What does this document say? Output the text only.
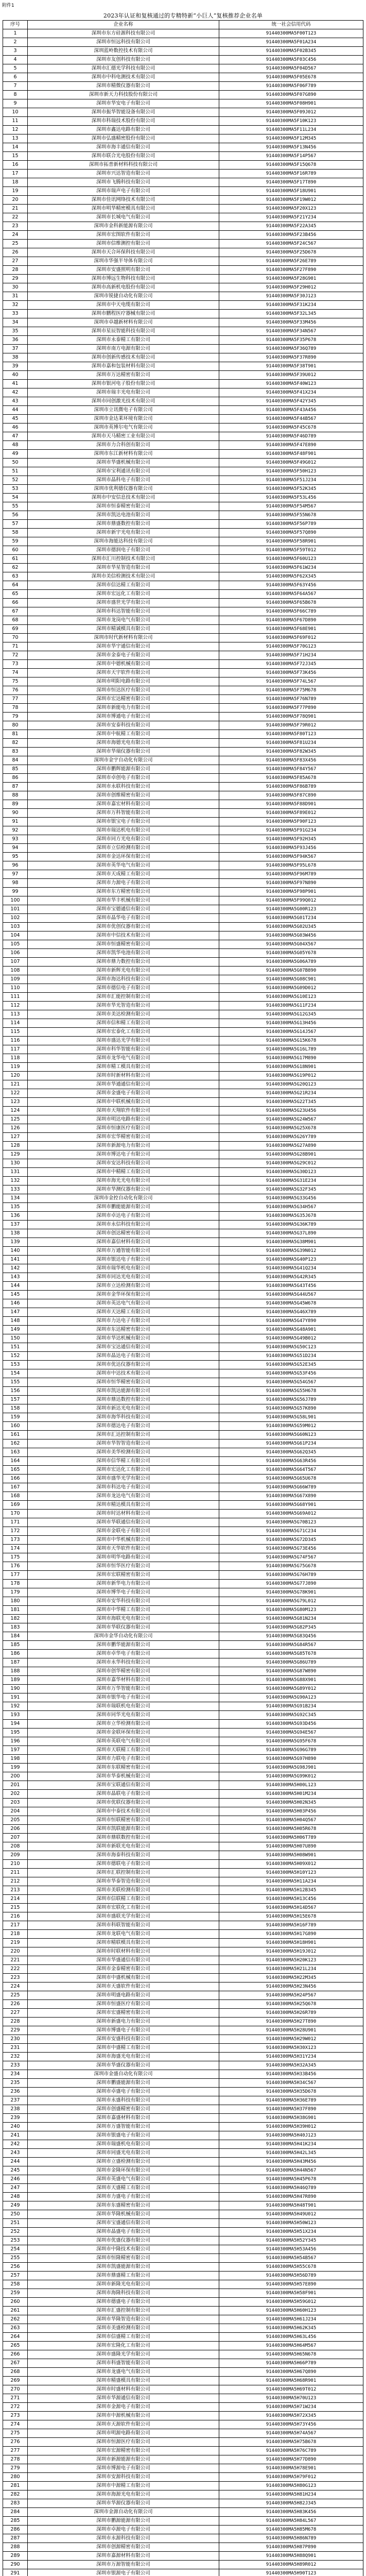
附件1
2023年认证和复核通过的专精特新“小巨人”复核推荐企业名单
序号	企业名称	统一社会信用代码
1	深圳市东方硅源科技有限公司	91440300MA5F00T123
2	深圳市恒远科技有限公司	91440300MA5F01A234
3	深圳蓝岭数控技术有限公司	91440300MA5F02B345
4	深圳市友创科技有限公司	91440300MA5F03C456
5	深圳市汇德光学科技有限公司	91440300MA5F04D567
6	深圳市中科电测技术有限公司	91440300MA5F05E678
7	深圳市精微仪器有限公司	91440300MA5F06F789
8	深圳市新天力科技股份有限公司	91440300MA5F07G890
9	深圳市华安电子有限公司	91440300MA5F08H901
10	深圳市振华智能设备有限公司	91440300MA5F09J012
11	深圳市科瑞技术股份有限公司	91440300MA5F10K123
12	深圳市鑫达电路有限公司	91440300MA5F11L234
13	深圳市弘盛精密股份有限公司	91440300MA5F12M345
14	深圳市海丰通信有限公司	91440300MA5F13N456
15	深圳市联合光电股份有限公司	91440300MA5F14P567
16	深圳市拓普新材料科技有限公司	91440300MA5F15Q678
17	深圳市兴达智造有限公司	91440300MA5F16R789
18	深圳市飞腾科技有限公司	91440300MA5F17T890
19	深圳市瑞声电子有限公司	91440300MA5F18U901
20	深圳市佳讯网络技术有限公司	91440300MA5F19W012
21	深圳市明华精密模具有限公司	91440300MA5F20X123
22	深圳市长城电气有限公司	91440300MA5F21Y234
23	深圳市金科新能源有限公司	91440300MA5F22A345
24	深圳市宏图软件有限公司	91440300MA5F23B456
25	深圳市信维测控有限公司	91440300MA5F24C567
26	深圳市天合环保科技有限公司	91440300MA5F25D678
27	深圳市华强半导体有限公司	91440300MA5F26E789
28	深圳市安盛照明有限公司	91440300MA5F27F890
29	深圳市博远生物科技有限公司	91440300MA5F28G901
30	深圳市高新机电股份有限公司	91440300MA5F29H012
31	深圳市锐捷自动化有限公司	91440300MA5F30J123
32	深圳市中天电缆有限公司	91440300MA5F31K234
33	深圳市鹏程医疗器械有限公司	91440300MA5F32L345
34	深圳市卓越新材料有限公司	91440300MA5F33M456
35	深圳市星辰智能科技有限公司	91440300MA5F34N567
36	深圳市永泰精工有限公司	91440300MA5F35P678
37	深圳市南方电源有限公司	91440300MA5F36Q789
38	深圳市创新传感技术有限公司	91440300MA5F37R890
39	深圳市嘉和包装材料有限公司	91440300MA5F38T901
40	深圳市万达精密有限公司	91440300MA5F39U012
41	深圳市银河电子股份有限公司	91440300MA5F40W123
42	深圳市瑞丰光电有限公司	91440300MA5F41X234
43	深圳市同创激光技术有限公司	91440300MA5F42Y345
44	深圳市立讯微电子有限公司	91440300MA5F43A456
45	深圳市金达莱环境有限公司	91440300MA5F44B567
46	深圳市英博尔电气有限公司	91440300MA5F45C678
47	深圳市天马精密工业有限公司	91440300MA5F46D789
48	深圳市力合科创有限公司	91440300MA5F47E890
49	深圳市东江新材料有限公司	91440300MA5F48F901
50	深圳市华盛机械有限公司	91440300MA5F49G012
51	深圳市宝利通讯有限公司	91440300MA5F50H123
52	深圳市晶科电子有限公司	91440300MA5F51J234
53	深圳市优利德仪器有限公司	91440300MA5F52K345
54	深圳市中安信息技术有限公司	91440300MA5F53L456
55	深圳市恒泰精密有限公司	91440300MA5F54M567
56	深圳市凯达电池有限公司	91440300MA5F55N678
57	深圳市鼎盛数控有限公司	91440300MA5F56P789
58	深圳市新宇光电有限公司	91440300MA5F57Q890
59	深圳市海能达科技有限公司	91440300MA5F58R901
60	深圳市德润电子有限公司	91440300MA5F59T012
61	深圳市汇川控制技术有限公司	91440300MA5F60U123
62	深圳市华星智造有限公司	91440300MA5F61W234
63	深圳市美信检测技术有限公司	91440300MA5F62X345
64	深圳市信达精工有限公司	91440300MA5F63Y456
65	深圳市宏远化工有限公司	91440300MA5F64A567
66	深圳市盛世光学有限公司	91440300MA5F65B678
67	深圳市科达智能有限公司	91440300MA5F66C789
68	深圳市龙岗电气有限公司	91440300MA5F67D890
69	深圳市精诚模具有限公司	91440300MA5F68E901
70	深圳市时代新材料有限公司	91440300MA5F69F012
71	深圳市华宇通信有限公司	91440300MA5F70G123
72	深圳市金泰电子有限公司	91440300MA5F71H234
73	深圳市中德机械有限公司	91440300MA5F72J345
74	深圳市天宇软件有限公司	91440300MA5F73K456
75	深圳市明阳电路有限公司	91440300MA5F74L567
76	深圳市恒达医疗有限公司	91440300MA5F75M678
77	深圳市宏达精密有限公司	91440300MA5F76N789
78	深圳市新能电力有限公司	91440300MA5F77P890
79	深圳市博通电子有限公司	91440300MA5F78Q901
80	深圳市安泰科技有限公司	91440300MA5F79R012
81	深圳市中航精工有限公司	91440300MA5F80T123
82	深圳市海德光电有限公司	91440300MA5F81U234
83	深圳市华瑞仪器有限公司	91440300MA5F82W345
84	深圳市金宇自动化有限公司	91440300MA5F83X456
85	深圳市鹏辉能源有限公司	91440300MA5F84Y567
86	深圳市卓创电子有限公司	91440300MA5F85A678
87	深圳市永联科技有限公司	91440300MA5F86B789
88	深圳市创维精密有限公司	91440300MA5F87C890
89	深圳市嘉宏材料有限公司	91440300MA5F88D901
90	深圳市万科智能有限公司	91440300MA5F89E012
91	深圳市银宝电子有限公司	91440300MA5F90F123
92	深圳市瑞达机电有限公司	91440300MA5F91G234
93	深圳市同方光电有限公司	91440300MA5F92H345
94	深圳市立信检测有限公司	91440300MA5F93J456
95	深圳市金达环保有限公司	91440300MA5F94K567
96	深圳市英华电气有限公司	91440300MA5F95L678
97	深圳市天成精工有限公司	91440300MA5F96M789
98	深圳市力源电子有限公司	91440300MA5F97N890
99	深圳市东方精密有限公司	91440300MA5F98P901
100	深圳市华丰机械有限公司	91440300MA5F99Q012
101	深圳市宝德通信有限公司	91440300MA5G00R123
102	深圳市晶华电子有限公司	91440300MA5G01T234
103	深圳市优创仪器有限公司	91440300MA5G02U345
104	深圳市中信技术有限公司	91440300MA5G03W456
105	深圳市恒盛精密有限公司	91440300MA5G04X567
106	深圳市凯华电池有限公司	91440300MA5G05Y678
107	深圳市鼎力数控有限公司	91440300MA5G06A789
108	深圳市新辉光电有限公司	91440300MA5G07B890
109	深圳市海达科技有限公司	91440300MA5G08C901
110	深圳市德信电子有限公司	91440300MA5G09D012
111	深圳市汇能控制有限公司	91440300MA5G10E123
112	深圳市华光智造有限公司	91440300MA5G11F234
113	深圳市美达检测有限公司	91440300MA5G12G345
114	深圳市信和精工有限公司	91440300MA5G13H456
115	深圳市宏泰化工有限公司	91440300MA5G14J567
116	深圳市盛达光学有限公司	91440300MA5G15K678
117	深圳市科华智能有限公司	91440300MA5G16L789
118	深圳市龙华电气有限公司	91440300MA5G17M890
119	深圳市精工模具有限公司	91440300MA5G18N901
120	深圳市时新材料有限公司	91440300MA5G19P012
121	深圳市华通通信有限公司	91440300MA5G20Q123
122	深圳市金盛电子有限公司	91440300MA5G21R234
123	深圳市中联机械有限公司	91440300MA5G22T345
124	深圳市天翔软件有限公司	91440300MA5G23U456
125	深圳市明达电路有限公司	91440300MA5G24W567
126	深圳市恒康医疗有限公司	91440300MA5G25X678
127	深圳市宏华精密有限公司	91440300MA5G26Y789
128	深圳市新源电力有限公司	91440300MA5G27A890
129	深圳市博达电子有限公司	91440300MA5G28B901
130	深圳市安达科技有限公司	91440300MA5G29C012
131	深圳市中精精工有限公司	91440300MA5G30D123
132	深圳市海光光电有限公司	91440300MA5G31E234
133	深圳市华测仪器有限公司	91440300MA5G32F345
134	深圳市金控自动化有限公司	91440300MA5G33G456
135	深圳市鹏能能源有限公司	91440300MA5G34H567
136	深圳市卓达电子有限公司	91440300MA5G35J678
137	深圳市永信科技有限公司	91440300MA5G36K789
138	深圳市创达精密有限公司	91440300MA5G37L890
139	深圳市嘉信材料有限公司	91440300MA5G38M901
140	深圳市万通智能有限公司	91440300MA5G39N012
141	深圳市银达电子有限公司	91440300MA5G40P123
142	深圳市瑞华机电有限公司	91440300MA5G41Q234
143	深圳市同达光电有限公司	91440300MA5G42R345
144	深圳市立达检测有限公司	91440300MA5G43T456
145	深圳市金华环保有限公司	91440300MA5G44U567
146	深圳市英达电气有限公司	91440300MA5G45W678
147	深圳市天达精工有限公司	91440300MA5G46X789
148	深圳市力达电子有限公司	91440300MA5G47Y890
149	深圳市东达精密有限公司	91440300MA5G48A901
150	深圳市华达机械有限公司	91440300MA5G49B012
151	深圳市宝达通信有限公司	91440300MA5G50C123
152	深圳市晶达电子有限公司	91440300MA5G51D234
153	深圳市优达仪器有限公司	91440300MA5G52E345
154	深圳市中达技术有限公司	91440300MA5G53F456
155	深圳市恒华精密有限公司	91440300MA5G54G567
156	深圳市凯达能源有限公司	91440300MA5G55H678
157	深圳市鼎达数控有限公司	91440300MA5G56J789
158	深圳市新达光电有限公司	91440300MA5G57K890
159	深圳市海华科技有限公司	91440300MA5G58L901
160	深圳市德达电子有限公司	91440300MA5G59M012
161	深圳市汇达控制有限公司	91440300MA5G60N123
162	深圳市华智智造有限公司	91440300MA5G61P234
163	深圳市美华检测有限公司	91440300MA5G62Q345
164	深圳市信华精工有限公司	91440300MA5G63R456
165	深圳市宏达化工有限公司	91440300MA5G64T567
166	深圳市盛华光学有限公司	91440300MA5G65U678
167	深圳市科达电子有限公司	91440300MA5G66W789
168	深圳市龙达电气有限公司	91440300MA5G67X890
169	深圳市精达模具有限公司	91440300MA5G68Y901
170	深圳市时达材料有限公司	91440300MA5G69A012
171	深圳市华联通信有限公司	91440300MA5G70B123
172	深圳市金联电子有限公司	91440300MA5G71C234
173	深圳市中华机械有限公司	91440300MA5G72D345
174	深圳市天华软件有限公司	91440300MA5G73E456
175	深圳市明华电路有限公司	91440300MA5G74F567
176	深圳市恒华医疗有限公司	91440300MA5G75G678
177	深圳市宏联精密有限公司	91440300MA5G76H789
178	深圳市新华电力有限公司	91440300MA5G77J890
179	深圳市博华电子有限公司	91440300MA5G78K901
180	深圳市安华科技有限公司	91440300MA5G79L012
181	深圳市中华精工有限公司	91440300MA5G80M123
182	深圳市海联光电有限公司	91440300MA5G81N234
183	深圳市华联仪器有限公司	91440300MA5G82P345
184	深圳市金华自动化有限公司	91440300MA5G83Q456
185	深圳市鹏华能源有限公司	91440300MA5G84R567
186	深圳市卓华电子有限公司	91440300MA5G85T678
187	深圳市永华科技有限公司	91440300MA5G86U789
188	深圳市创华精密有限公司	91440300MA5G87W890
189	深圳市嘉华材料有限公司	91440300MA5G88X901
190	深圳市万华智能有限公司	91440300MA5G89Y012
191	深圳市银华电子有限公司	91440300MA5G90A123
192	深圳市瑞联机电有限公司	91440300MA5G91B234
193	深圳市同华光电有限公司	91440300MA5G92C345
194	深圳市立华检测有限公司	91440300MA5G93D456
195	深圳市金联环保有限公司	91440300MA5G94E567
196	深圳市英联电气有限公司	91440300MA5G95F678
197	深圳市天联精工有限公司	91440300MA5G96G789
198	深圳市力联电子有限公司	91440300MA5G97H890
199	深圳市东联精密有限公司	91440300MA5G98J901
200	深圳市华泰机械有限公司	91440300MA5G99K012
201	深圳市宝联通信有限公司	91440300MA5H00L123
202	深圳市晶联电子有限公司	91440300MA5H01M234
203	深圳市优联仪器有限公司	91440300MA5H02N345
204	深圳市中泰技术有限公司	91440300MA5H03P456
205	深圳市恒联精密有限公司	91440300MA5H04Q567
206	深圳市凯联能源有限公司	91440300MA5H05R678
207	深圳市鼎联数控有限公司	91440300MA5H06T789
208	深圳市新联光电有限公司	91440300MA5H07U890
209	深圳市海泰科技有限公司	91440300MA5H08W901
210	深圳市德联电子有限公司	91440300MA5H09X012
211	深圳市汇联控制有限公司	91440300MA5H10Y123
212	深圳市华泰智造有限公司	91440300MA5H11A234
213	深圳市美联检测有限公司	91440300MA5H12B345
214	深圳市信联精工有限公司	91440300MA5H13C456
215	深圳市宏联化工有限公司	91440300MA5H14D567
216	深圳市盛联光学有限公司	91440300MA5H15E678
217	深圳市科联智能有限公司	91440300MA5H16F789
218	深圳市龙联电气有限公司	91440300MA5H17G890
219	深圳市精联模具有限公司	91440300MA5H18H901
220	深圳市时联材料有限公司	91440300MA5H19J012
221	深圳市华盛通信有限公司	91440300MA5H20K123
222	深圳市金泰精密有限公司	91440300MA5H21L234
223	深圳市中盛机械有限公司	91440300MA5H22M345
224	深圳市天盛软件有限公司	91440300MA5H23N456
225	深圳市明盛电路有限公司	91440300MA5H24P567
226	深圳市恒盛医疗有限公司	91440300MA5H25Q678
227	深圳市宏盛精密有限公司	91440300MA5H26R789
228	深圳市新盛电力有限公司	91440300MA5H27T890
229	深圳市博盛电子有限公司	91440300MA5H28U901
230	深圳市安盛科技有限公司	91440300MA5H29W012
231	深圳市中盛精工有限公司	91440300MA5H30X123
232	深圳市海盛光电有限公司	91440300MA5H31Y234
233	深圳市华盛仪器有限公司	91440300MA5H32A345
234	深圳市金盛自动化有限公司	91440300MA5H33B456
235	深圳市鹏盛能源有限公司	91440300MA5H34C567
236	深圳市卓盛电子有限公司	91440300MA5H35D678
237	深圳市永盛科技有限公司	91440300MA5H36E789
238	深圳市创盛精密有限公司	91440300MA5H37F890
239	深圳市嘉盛材料有限公司	91440300MA5H38G901
240	深圳市万盛智能有限公司	91440300MA5H39H012
241	深圳市银盛电子有限公司	91440300MA5H40J123
242	深圳市瑞盛机电有限公司	91440300MA5H41K234
243	深圳市同盛光电有限公司	91440300MA5H42L345
244	深圳市立盛检测有限公司	91440300MA5H43M456
245	深圳市金隆环保有限公司	91440300MA5H44N567
246	深圳市英盛电气有限公司	91440300MA5H45P678
247	深圳市天盛精工有限公司	91440300MA5H46Q789
248	深圳市力盛电子有限公司	91440300MA5H47R890
249	深圳市东盛精密有限公司	91440300MA5H48T901
250	深圳市华隆机械有限公司	91440300MA5H49U012
251	深圳市宝盛通信有限公司	91440300MA5H50W123
252	深圳市晶盛电子有限公司	91440300MA5H51X234
253	深圳市优盛仪器有限公司	91440300MA5H52Y345
254	深圳市中隆技术有限公司	91440300MA5H53A456
255	深圳市恒隆精密有限公司	91440300MA5H54B567
256	深圳市凯盛能源有限公司	91440300MA5H55C678
257	深圳市鼎盛精工有限公司	91440300MA5H56D789
258	深圳市新隆光电有限公司	91440300MA5H57E890
259	深圳市海隆科技有限公司	91440300MA5H58F901
260	深圳市德盛电子有限公司	91440300MA5H59G012
261	深圳市汇盛控制有限公司	91440300MA5H60H123
262	深圳市华隆智造有限公司	91440300MA5H61J234
263	深圳市美盛检测有限公司	91440300MA5H62K345
264	深圳市信盛精工有限公司	91440300MA5H63L456
265	深圳市宏隆化工有限公司	91440300MA5H64M567
266	深圳市盛隆光学有限公司	91440300MA5H65N678
267	深圳市科盛智能有限公司	91440300MA5H66P789
268	深圳市龙盛电气有限公司	91440300MA5H67Q890
269	深圳市精盛模具有限公司	91440300MA5H68R901
270	深圳市时盛材料有限公司	91440300MA5H69T012
271	深圳市华源通信有限公司	91440300MA5H70U123
272	深圳市金源电子有限公司	91440300MA5H71W234
273	深圳市中源机械有限公司	91440300MA5H72X345
274	深圳市天源软件有限公司	91440300MA5H73Y456
275	深圳市明源电路有限公司	91440300MA5H74A567
276	深圳市恒源医疗有限公司	91440300MA5H75B678
277	深圳市宏源精密有限公司	91440300MA5H76C789
278	深圳市新源能源有限公司	91440300MA5H77D890
279	深圳市博源电子有限公司	91440300MA5H78E901
280	深圳市安源科技有限公司	91440300MA5H79F012
281	深圳市中源精工有限公司	91440300MA5H80G123
282	深圳市海源光电有限公司	91440300MA5H81H234
283	深圳市华源仪器有限公司	91440300MA5H82J345
284	深圳市金源自动化有限公司	91440300MA5H83K456
285	深圳市鹏源能源有限公司	91440300MA5H84L567
286	深圳市卓源电子有限公司	91440300MA5H85M678
287	深圳市永源科技有限公司	91440300MA5H86N789
288	深圳市创源精密有限公司	91440300MA5H87P890
289	深圳市嘉源材料有限公司	91440300MA5H88Q901
290	深圳市万源智能有限公司	91440300MA5H89R012
291	深圳市银源电子有限公司	91440300MA5H90T123
